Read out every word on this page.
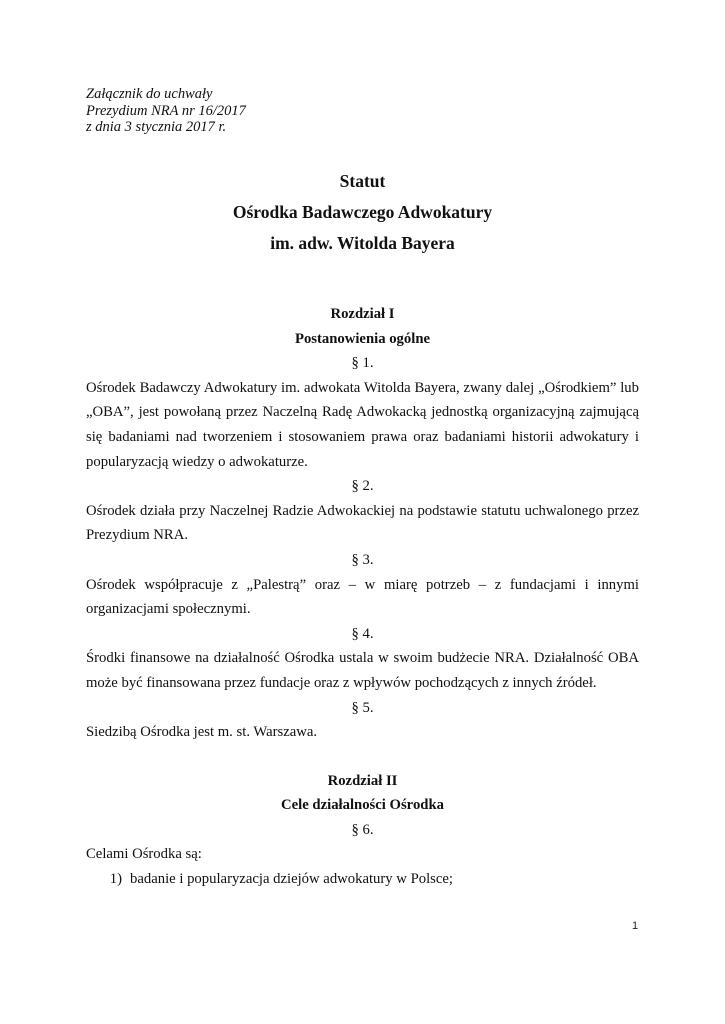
Załącznik do uchwały
Prezydium NRA nr 16/2017
z dnia 3 stycznia 2017 r.
Statut
Ośrodka Badawczego Adwokatury
im. adw. Witolda Bayera
Rozdział I
Postanowienia ogólne
§ 1.
Ośrodek Badawczy Adwokatury im. adwokata Witolda Bayera, zwany dalej „Ośrodkiem” lub „OBA”, jest powołaną przez Naczelną Radę Adwokacką jednostką organizacyjną zajmującą się badaniami nad tworzeniem i stosowaniem prawa oraz badaniami historii adwokatury i popularyzacją wiedzy o adwokaturze.
§ 2.
Ośrodek działa przy Naczelnej Radzie Adwokackiej na podstawie statutu uchwalonego przez Prezydium NRA.
§ 3.
Ośrodek współpracuje z „Palestrą” oraz – w miarę potrzeb – z fundacjami i innymi organizacjami społecznymi.
§ 4.
Środki finansowe na działalność Ośrodka ustala w swoim budżecie NRA. Działalność OBA może być finansowana przez fundacje oraz z wpływów pochodzących z innych źródeł.
§ 5.
Siedzibą Ośrodka jest m. st. Warszawa.
Rozdział II
Cele działalności Ośrodka
§ 6.
Celami Ośrodka są:
1) badanie i popularyzacja dziejów adwokatury w Polsce;
1
